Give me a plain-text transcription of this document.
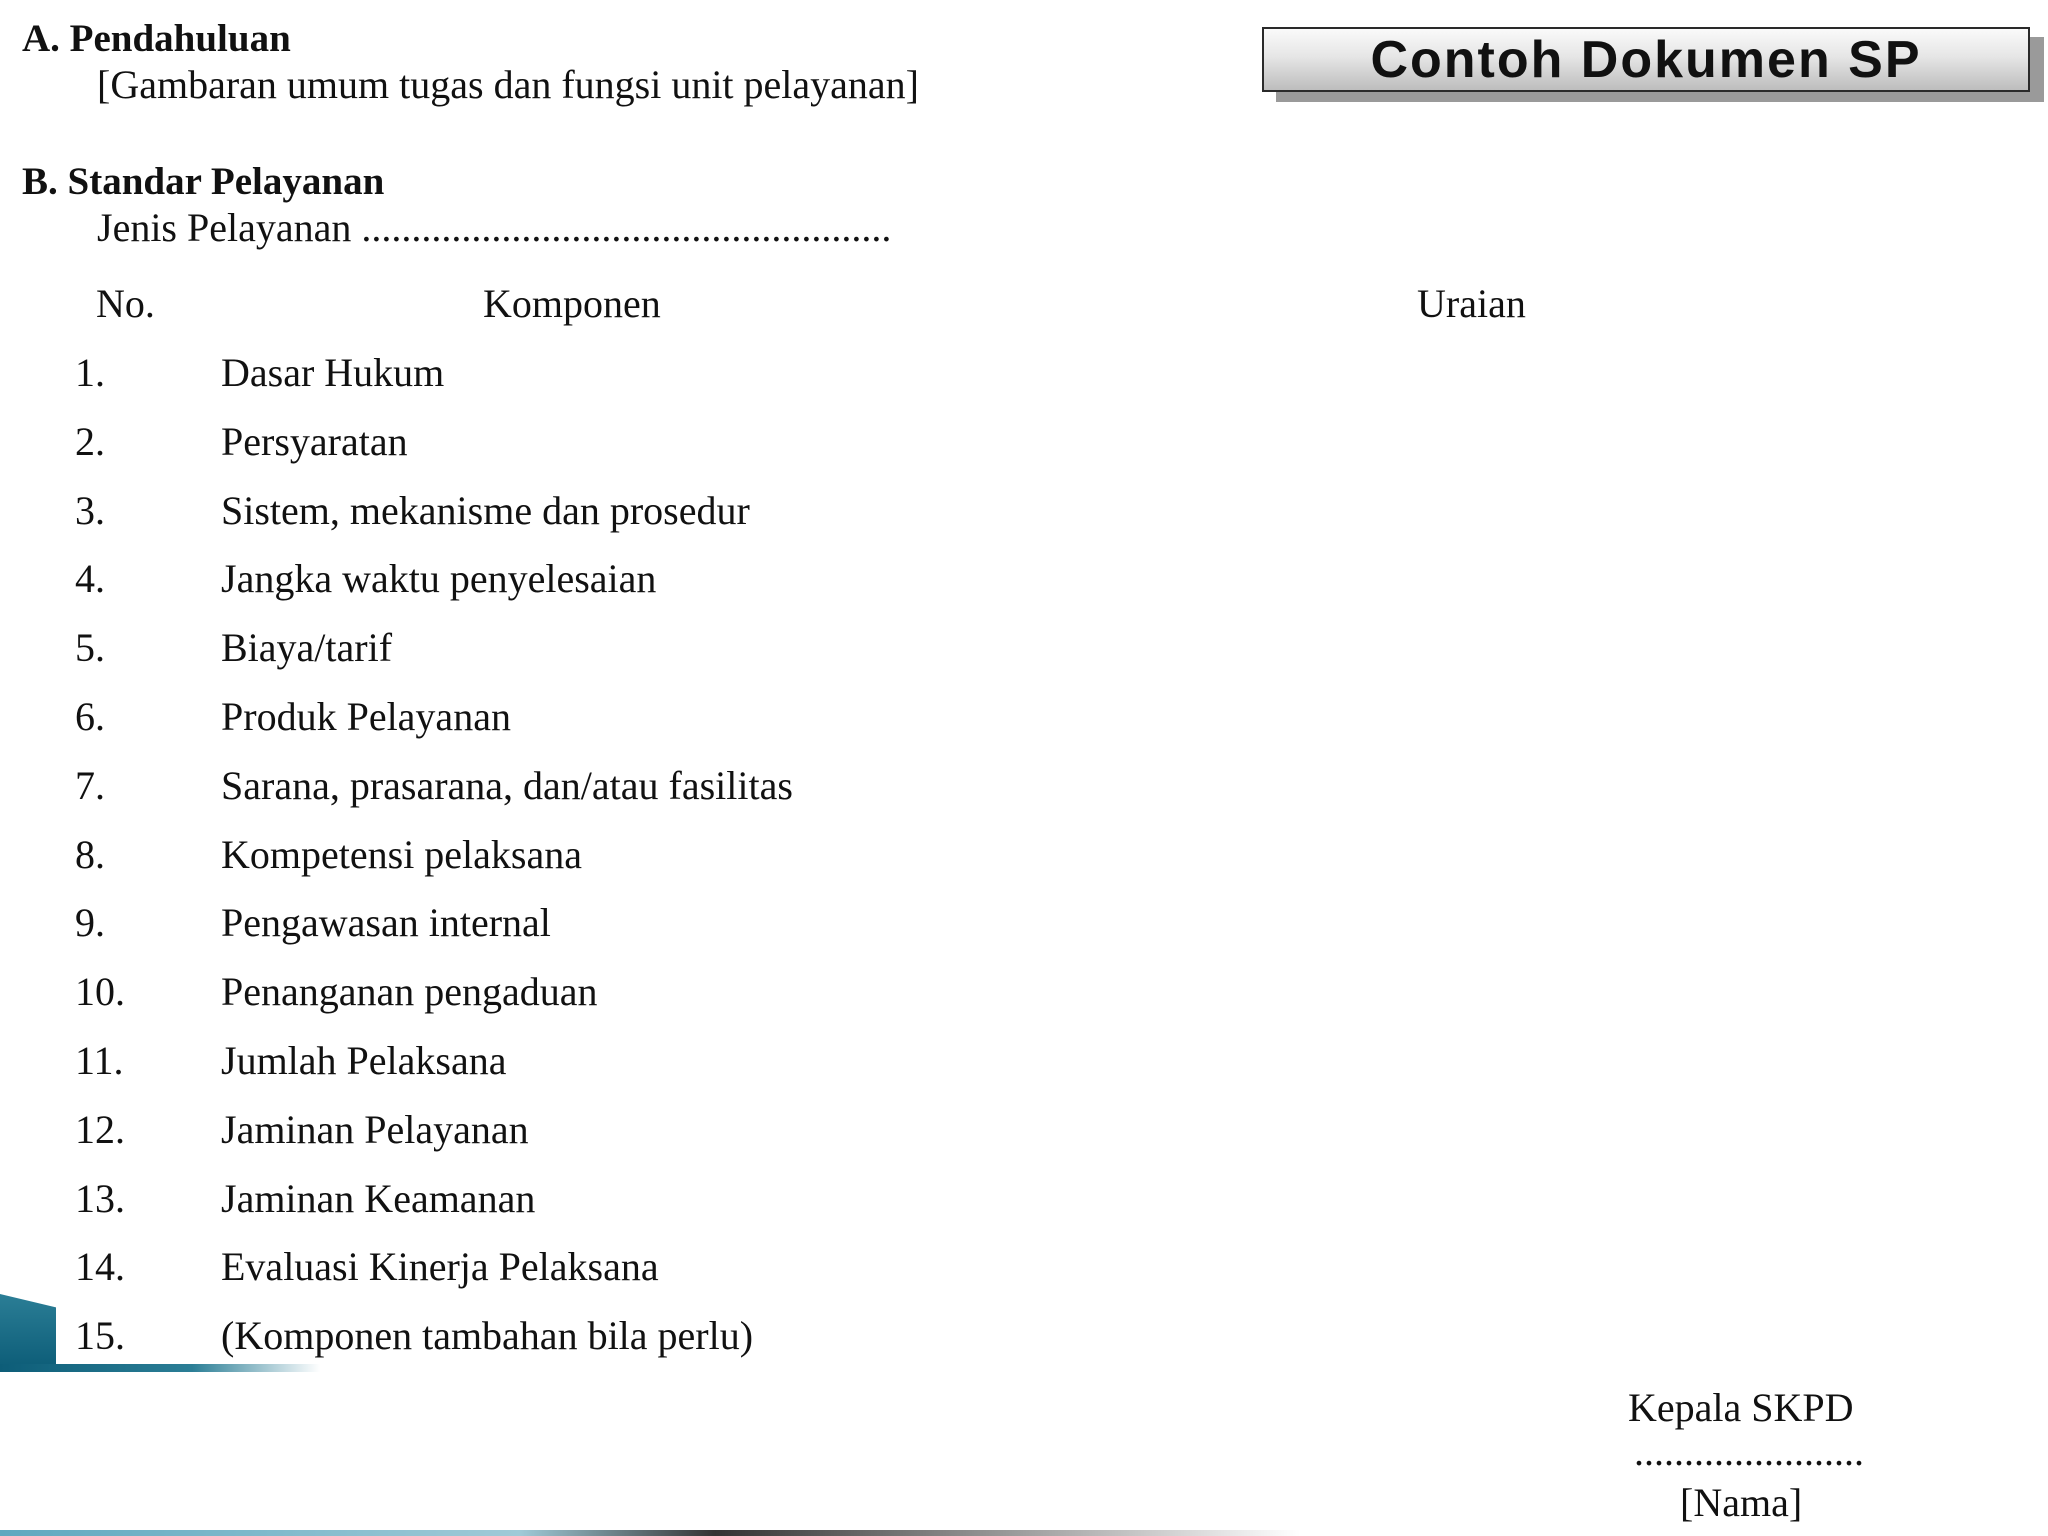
A. Pendahuluan
[Gambaran umum tugas dan fungsi unit pelayanan]	Contoh Dokumen SP
B. Standar Pelayanan
Jenis Pelayanan .....................................................
No.	Komponen	Uraian
1.	Dasar Hukum
2.	Persyaratan
3.	Sistem, mekanisme dan prosedur
4.	Jangka waktu penyelesaian
5.	Biaya/tarif
6.	Produk Pelayanan
7.	Sarana, prasarana, dan/atau fasilitas
8.	Kompetensi pelaksana
9.	Pengawasan internal
10. Penanganan pengaduan
11. Jumlah Pelaksana
12. Jaminan Pelayanan
13. Jaminan Keamanan
14. Evaluasi Kinerja Pelaksana
15. (Komponen tambahan bila perlu)
Kepala SKPD
.......................
[Nama]
